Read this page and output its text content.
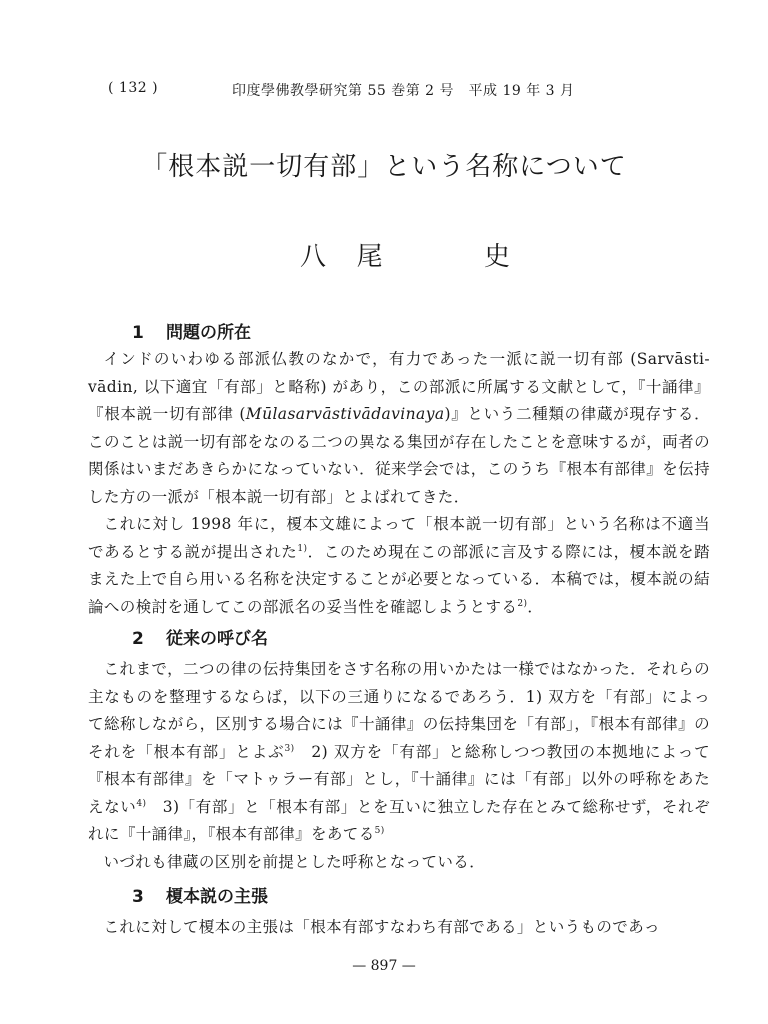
( 132 )	印度學佛教學研究第 55 巻第 2 号　平成 19 年 3 月
「根本説一切有部」という名称について
八 尾	史
1 問題の所在

インドのいわゆる部派仏教のなかで，有力であった一派に説一切有部 (Sarvāsti-vādin, 以下適宜「有部」と略称) があり，この部派に所属する文献として，『十誦律』『根本説一切有部律 (Mūlasarvāstivādavinaya)』という二種類の律蔵が現存する．このことは説一切有部をなのる二つの異なる集団が存在したことを意味するが，両者の関係はいまだあきらかになっていない．従来学会では，このうち『根本有部律』を伝持した方の一派が「根本説一切有部」とよばれてきた．

これに対し 1998 年に，榎本文雄によって「根本説一切有部」という名称は不適当であるとする説が提出された$^{1)}$．このため現在この部派に言及する際には，榎本説を踏まえた上で自ら用いる名称を決定することが必要となっている．本稿では，榎本説の結論への検討を通してこの部派名の妥当性を確認しようとする$^{2)}$．

2 従来の呼び名

これまで，二つの律の伝持集団をさす名称の用いかたは一様ではなかった．それらの主なものを整理するならば，以下の三通りになるであろう．1) 双方を「有部」によって総称しながら，区別する場合には『十誦律』の伝持集団を「有部」，『根本有部律』のそれを「根本有部」とよぶ$^{3)}$　2) 双方を「有部」と総称しつつ教団の本拠地によって『根本有部律』を「マトゥラー有部」とし，『十誦律』には「有部」以外の呼称をあたえない$^{4)}$　3)「有部」と「根本有部」とを互いに独立した存在とみて総称せず，それぞれに『十誦律』，『根本有部律』をあてる$^{5)}$

いづれも律蔵の区別を前提とした呼称となっている．

3 榎本説の主張

これに対して榎本の主張は「根本有部すなわち有部である」というものであっ

— 897 —
